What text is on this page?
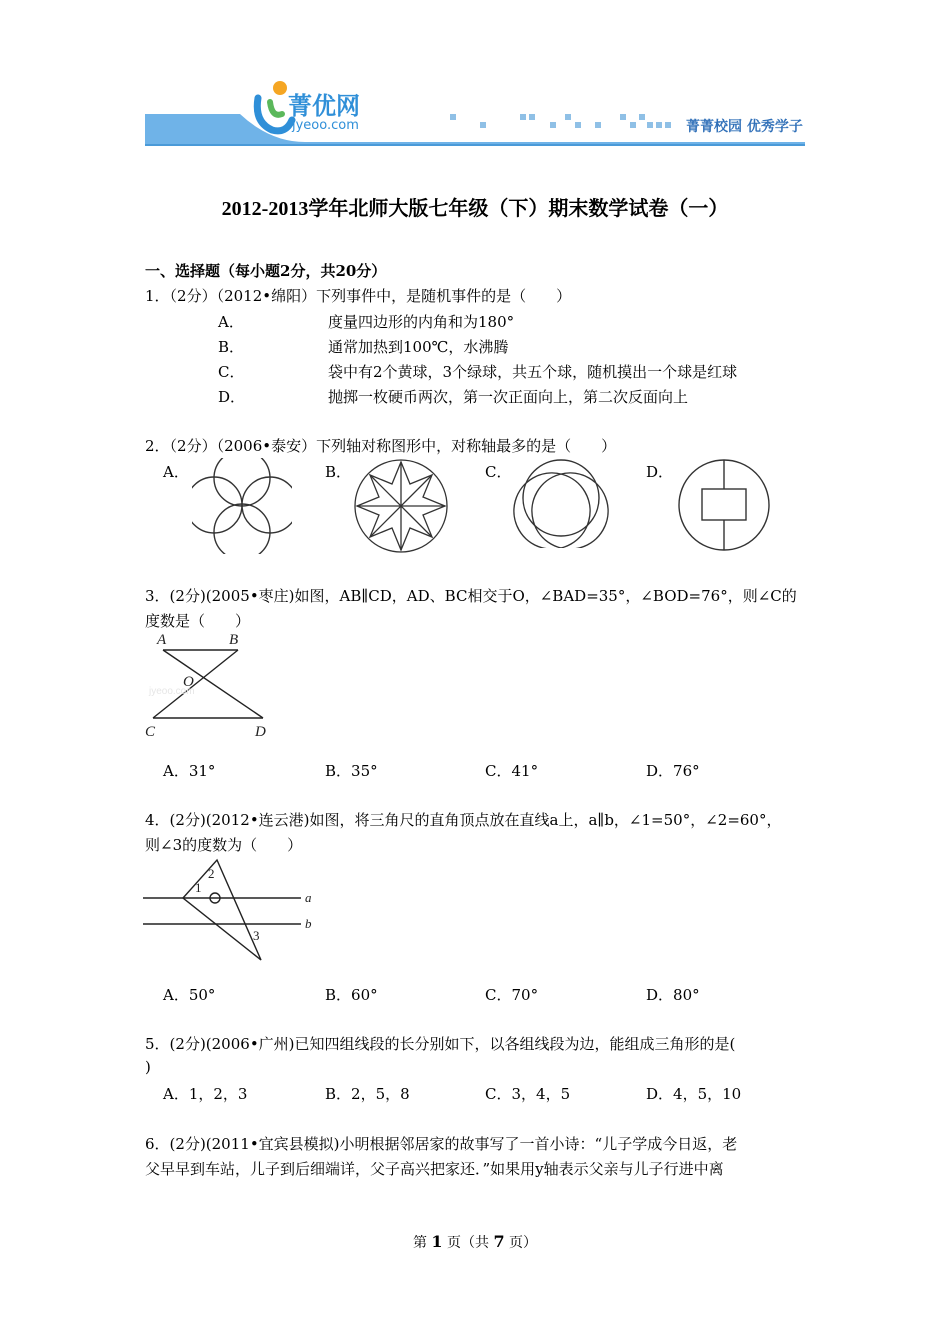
菁优网
jyeoo.com	菁菁校园 优秀学子
2012-2013学年北师大版七年级（下）期末数学试卷（一）
一、选择题（每小题2分，共20分）
1．（2分）（2012•绵阳）下列事件中，是随机事件的是（　　）
A．	度量四边形的内角和为180°
B．	通常加热到100℃，水沸腾
C．	袋中有2个黄球，3个绿球，共五个球，随机摸出一个球是红球
D．	抛掷一枚硬币两次，第一次正面向上，第二次反面向上
2．（2分）（2006•泰安）下列轴对称图形中，对称轴最多的是（　　）
A．	B．	C．	D．
3．(2分)(2005•枣庄)如图，AB∥CD，AD、BC相交于O，∠BAD=35°，∠BOD=76°，则∠C的
度数是（　　）
A	B
O
C	D
jyeoo.com
A．31°	B．35°	C．41°	D．76°
4．(2分)(2012•连云港)如图，将三角尺的直角顶点放在直线a上，a∥b，∠1=50°，∠2=60°，
则∠3的度数为（　　）
1
2
3
a
b
A．50°	B．60°	C．70°	D．80°
5．(2分)(2006•广州)已知四组线段的长分别如下，以各组线段为边，能组成三角形的是(
)
A．1，2，3	B．2，5，8	C．3，4，5	D．4，5，10
6．(2分)(2011•宜宾县模拟)小明根据邻居家的故事写了一首小诗：“儿子学成今日返，老
父早早到车站，儿子到后细端详，父子高兴把家还．”如果用y轴表示父亲与儿子行进中离
第 1 页（共 7 页）
